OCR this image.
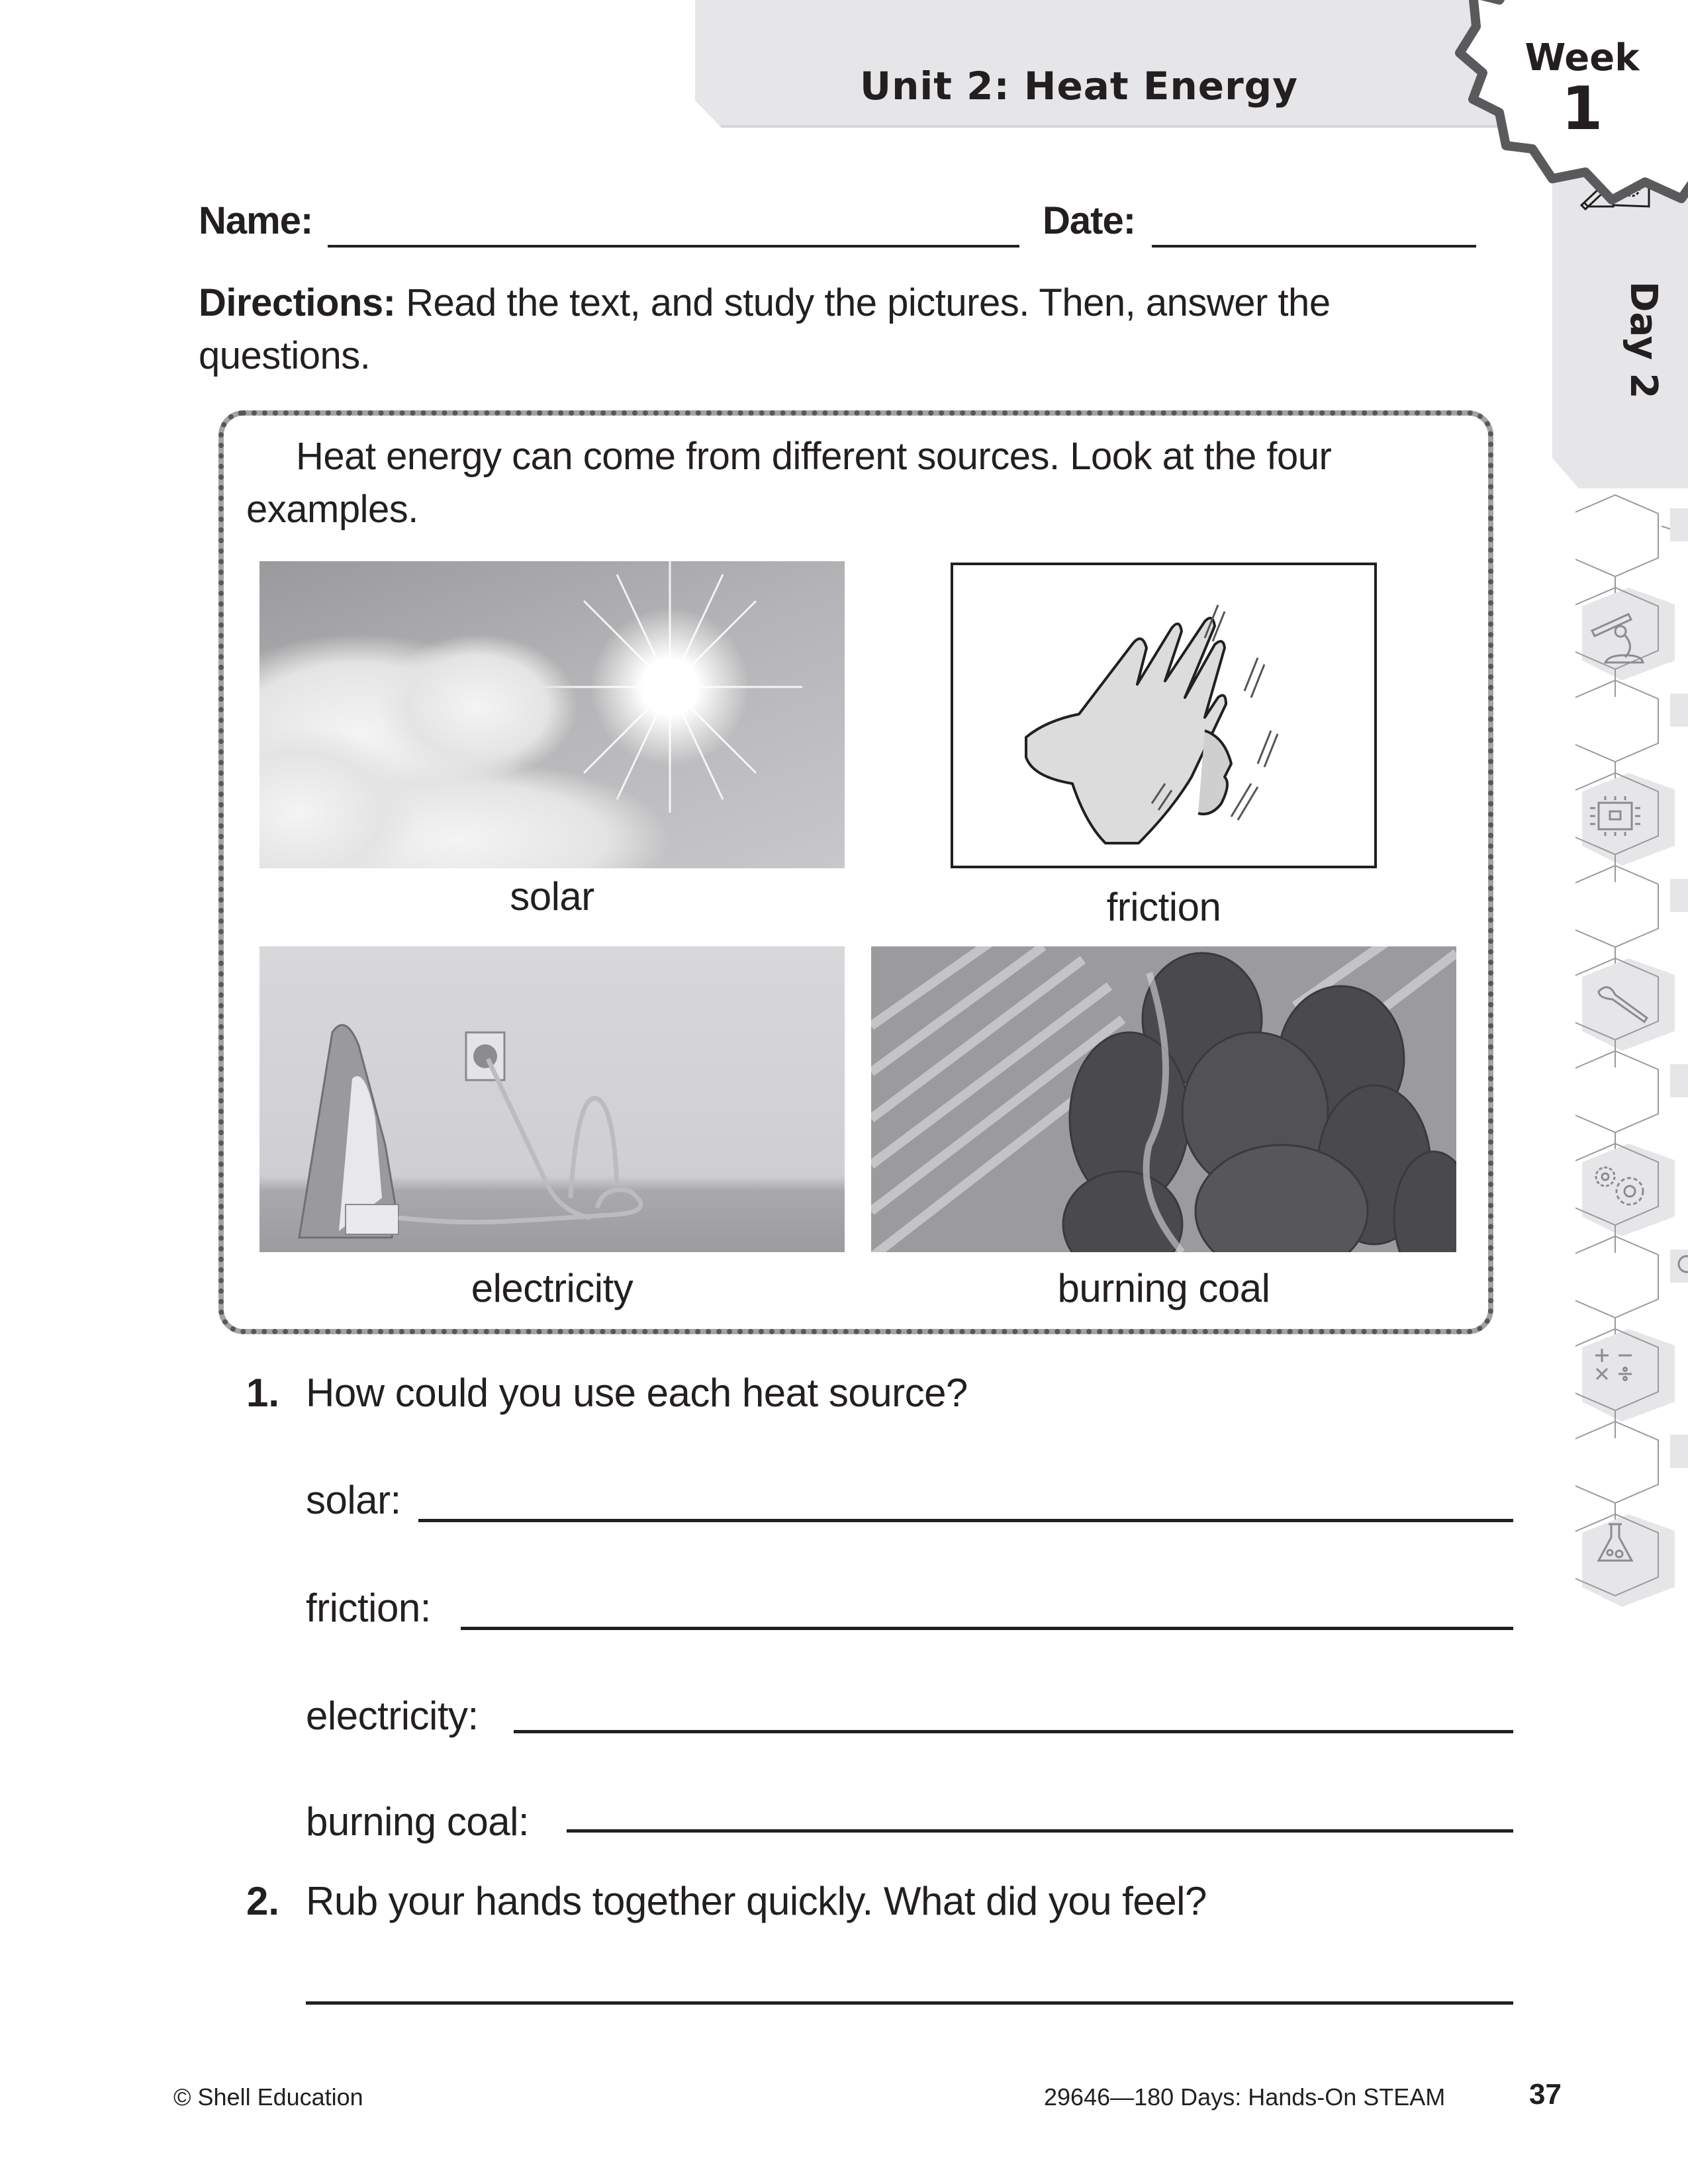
Unit 2: Heat Energy
Day 2
Week
1
Name:	Date:
Directions: Read the text, and study the pictures. Then, answer the questions.
Heat energy can come from different sources. Look at the four examples.
solar	friction
electricity	burning coal
1. How could you use each heat source?
solar:
friction:
electricity:
burning coal:
2. Rub your hands together quickly. What did you feel?
© Shell Education	29646—180 Days: Hands-On STEAM	37
